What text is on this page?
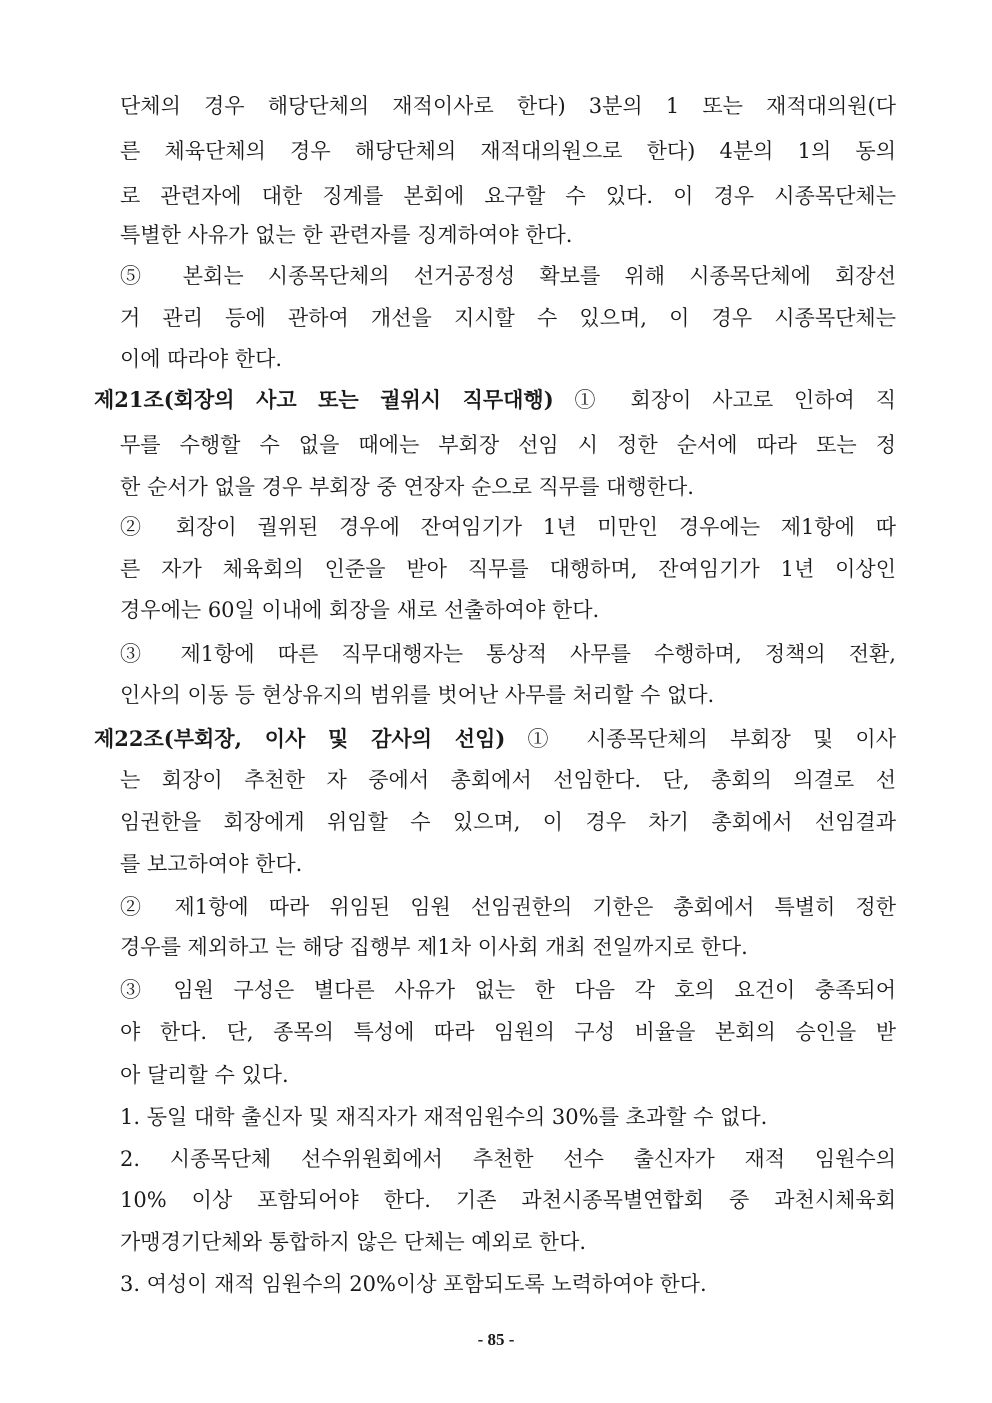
단체의 경우 해당단체의 재적이사로 한다) 3분의 1 또는 재적대의원(다
른 체육단체의 경우 해당단체의 재적대의원으로 한다) 4분의 1의 동의
로 관련자에 대한 징계를 본회에 요구할 수 있다. 이 경우 시종목단체는
특별한 사유가 없는 한 관련자를 징계하여야 한다.
⑤ 본회는 시종목단체의 선거공정성 확보를 위해 시종목단체에 회장선
거 관리 등에 관하여 개선을 지시할 수 있으며, 이 경우 시종목단체는
이에 따라야 한다.
제21조(회장의 사고 또는 궐위시 직무대행) ① 회장이 사고로 인하여 직
무를 수행할 수 없을 때에는 부회장 선임 시 정한 순서에 따라 또는 정
한 순서가 없을 경우 부회장 중 연장자 순으로 직무를 대행한다.
② 회장이 궐위된 경우에 잔여임기가 1년 미만인 경우에는 제1항에 따
른 자가 체육회의 인준을 받아 직무를 대행하며, 잔여임기가 1년 이상인
경우에는 60일 이내에 회장을 새로 선출하여야 한다.
③ 제1항에 따른 직무대행자는 통상적 사무를 수행하며, 정책의 전환,
인사의 이동 등 현상유지의 범위를 벗어난 사무를 처리할 수 없다.
제22조(부회장, 이사 및 감사의 선임) ① 시종목단체의 부회장 및 이사
는 회장이 추천한 자 중에서 총회에서 선임한다. 단, 총회의 의결로 선
임권한을 회장에게 위임할 수 있으며, 이 경우 차기 총회에서 선임결과
를 보고하여야 한다.
② 제1항에 따라 위임된 임원 선임권한의 기한은 총회에서 특별히 정한
경우를 제외하고 는 해당 집행부 제1차 이사회 개최 전일까지로 한다.
③ 임원 구성은 별다른 사유가 없는 한 다음 각 호의 요건이 충족되어
야 한다. 단, 종목의 특성에 따라 임원의 구성 비율을 본회의 승인을 받
아 달리할 수 있다.
1. 동일 대학 출신자 및 재직자가 재적임원수의 30%를 초과할 수 없다.
2. 시종목단체 선수위원회에서 추천한 선수 출신자가 재적 임원수의
10% 이상 포함되어야 한다. 기존 과천시종목별연합회 중 과천시체육회
가맹경기단체와 통합하지 않은 단체는 예외로 한다.
3. 여성이 재적 임원수의 20%이상 포함되도록 노력하여야 한다.
- 85 -
